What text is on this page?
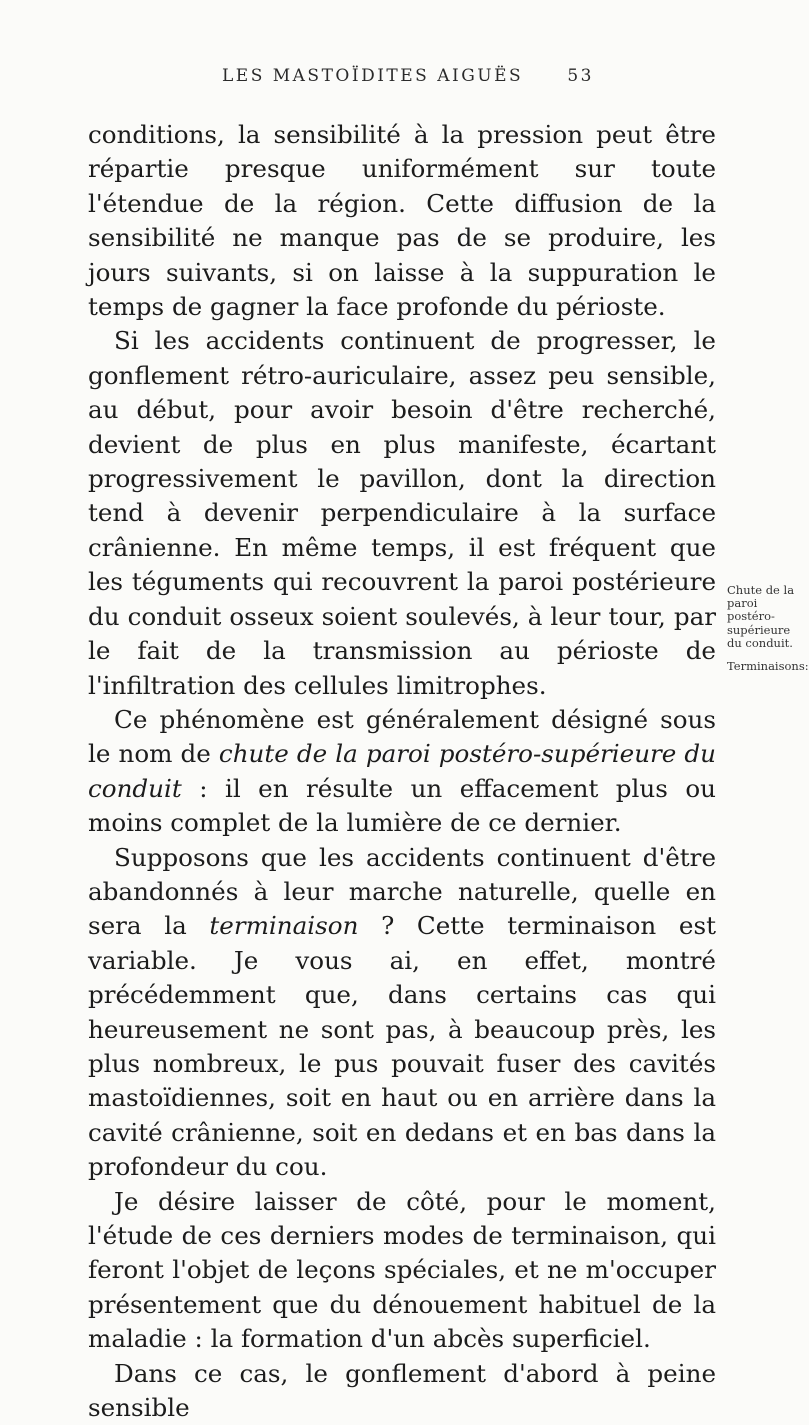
LES MASTOÏDITES AIGUËS	53

conditions, la sensibilité à la pression peut être répartie presque uniformément sur toute l'étendue de la région. Cette diffusion de la sensibilité ne manque pas de se produire, les jours suivants, si on laisse à la suppuration le temps de gagner la face profonde du périoste.

Si les accidents continuent de progresser, le gonflement rétro-auriculaire, assez peu sensible, au début, pour avoir besoin d'être recherché, devient de plus en plus manifeste, écartant progressivement le pavillon, dont la direction tend à devenir perpendiculaire à la surface crânienne. En même temps, il est fréquent que les téguments qui recouvrent la paroi postérieure du conduit osseux soient soulevés, à leur tour, par le fait de la transmission au périoste de l'infiltration des cellules limitrophes.

Ce phénomène est généralement désigné sous le nom de chute de la paroi postéro-supérieure du conduit : il en résulte un effacement plus ou moins complet de la lumière de ce dernier.

Supposons que les accidents continuent d'être abandonnés à leur marche naturelle, quelle en sera la terminaison ? Cette terminaison est variable. Je vous ai, en effet, montré précédemment que, dans certains cas qui heureusement ne sont pas, à beaucoup près, les plus nombreux, le pus pouvait fuser des cavités mastoïdiennes, soit en haut ou en arrière dans la cavité crânienne, soit en dedans et en bas dans la profondeur du cou.

Je désire laisser de côté, pour le moment, l'étude de ces derniers modes de terminaison, qui feront l'objet de leçons spéciales, et ne m'occuper présentement que du dénouement habituel de la maladie : la formation d'un abcès superficiel.

Dans ce cas, le gonflement d'abord à peine sensible

Chute de la paroi postéro-supérieure du conduit.
Terminaisons:
